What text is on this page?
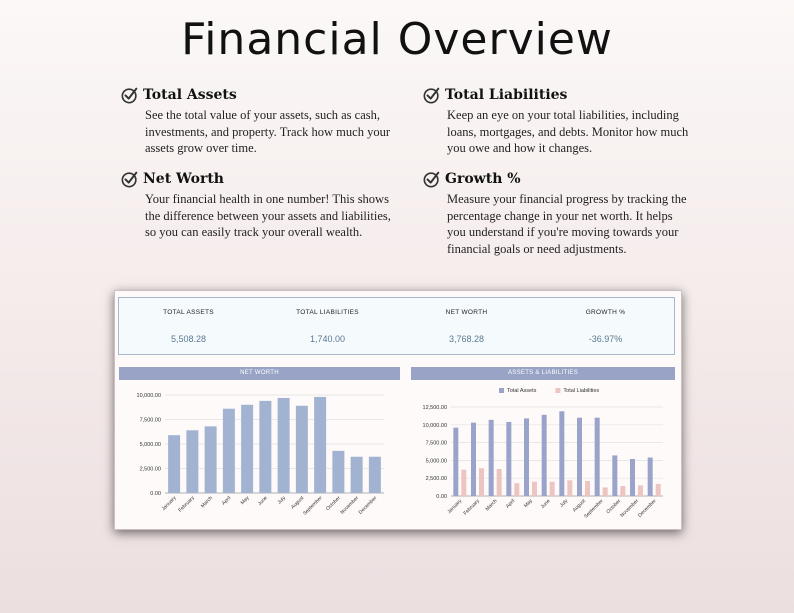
Financial Overview
Total Assets
See the total value of your assets, such as cash, investments, and property. Track how much your assets grow over time.
Total Liabilities
Keep an eye on your total liabilities, including loans, mortgages, and debts. Monitor how much you owe and how it changes.
Net Worth
Your financial health in one number! This shows the difference between your assets and liabilities, so you can easily track your overall wealth.
Growth %
Measure your financial progress by tracking the percentage change in your net worth. It helps you understand if you're moving towards your financial goals or need adjustments.
TOTAL ASSETS
5,508.28
TOTAL LIABILITIES
1,740.00
NET WORTH
3,768.28
GROWTH %
-36.97%
NET WORTH	ASSETS & LIABILITIES
0.00
2,500.00
5,000.00
7,500.00
10,000.00
January February March April May June July August
September October
November
December	0.00
2,500.00
5,000.00
7,500.00
10,000.00
12,500.00
January February March April May June July August
September October
November
December
Total Assets	Total Liabilities
